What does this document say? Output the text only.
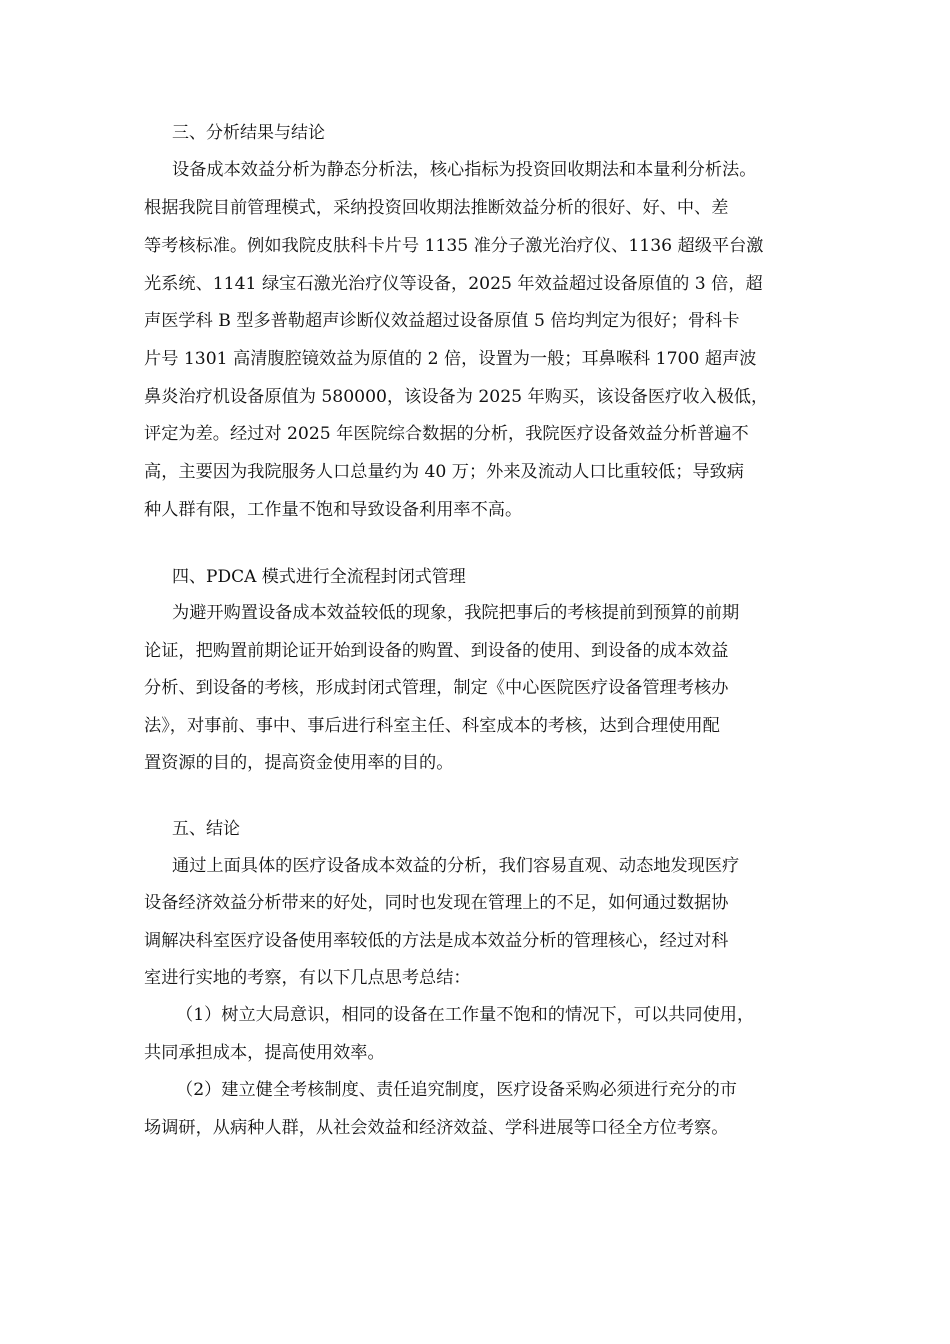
三、分析结果与结论
设备成本效益分析为静态分析法，核心指标为投资回收期法和本量利分析法。
根据我院目前管理模式，采纳投资回收期法推断效益分析的很好、好、中、差
等考核标准。例如我院皮肤科卡片号 1135 准分子激光治疗仪、1136 超级平台激
光系统、1141 绿宝石激光治疗仪等设备，2025 年效益超过设备原值的 3 倍，超
声医学科 B 型多普勒超声诊断仪效益超过设备原值 5 倍均判定为很好；骨科卡
片号 1301 高清腹腔镜效益为原值的 2 倍，设置为一般；耳鼻喉科 1700 超声波
鼻炎治疗机设备原值为 580000，该设备为 2025 年购买，该设备医疗收入极低，
评定为差。经过对 2025 年医院综合数据的分析，我院医疗设备效益分析普遍不
高，主要因为我院服务人口总量约为 40 万；外来及流动人口比重较低；导致病
种人群有限，工作量不饱和导致设备利用率不高。
四、PDCA 模式进行全流程封闭式管理
为避开购置设备成本效益较低的现象，我院把事后的考核提前到预算的前期
论证，把购置前期论证开始到设备的购置、到设备的使用、到设备的成本效益
分析、到设备的考核，形成封闭式管理，制定《中心医院医疗设备管理考核办
法》，对事前、事中、事后进行科室主任、科室成本的考核，达到合理使用配
置资源的目的，提高资金使用率的目的。
五、结论
通过上面具体的医疗设备成本效益的分析，我们容易直观、动态地发现医疗
设备经济效益分析带来的好处，同时也发现在管理上的不足，如何通过数据协
调解决科室医疗设备使用率较低的方法是成本效益分析的管理核心，经过对科
室进行实地的考察，有以下几点思考总结：
（1）树立大局意识，相同的设备在工作量不饱和的情况下，可以共同使用，
共同承担成本，提高使用效率。
（2）建立健全考核制度、责任追究制度，医疗设备采购必须进行充分的市
场调研，从病种人群，从社会效益和经济效益、学科进展等口径全方位考察。
